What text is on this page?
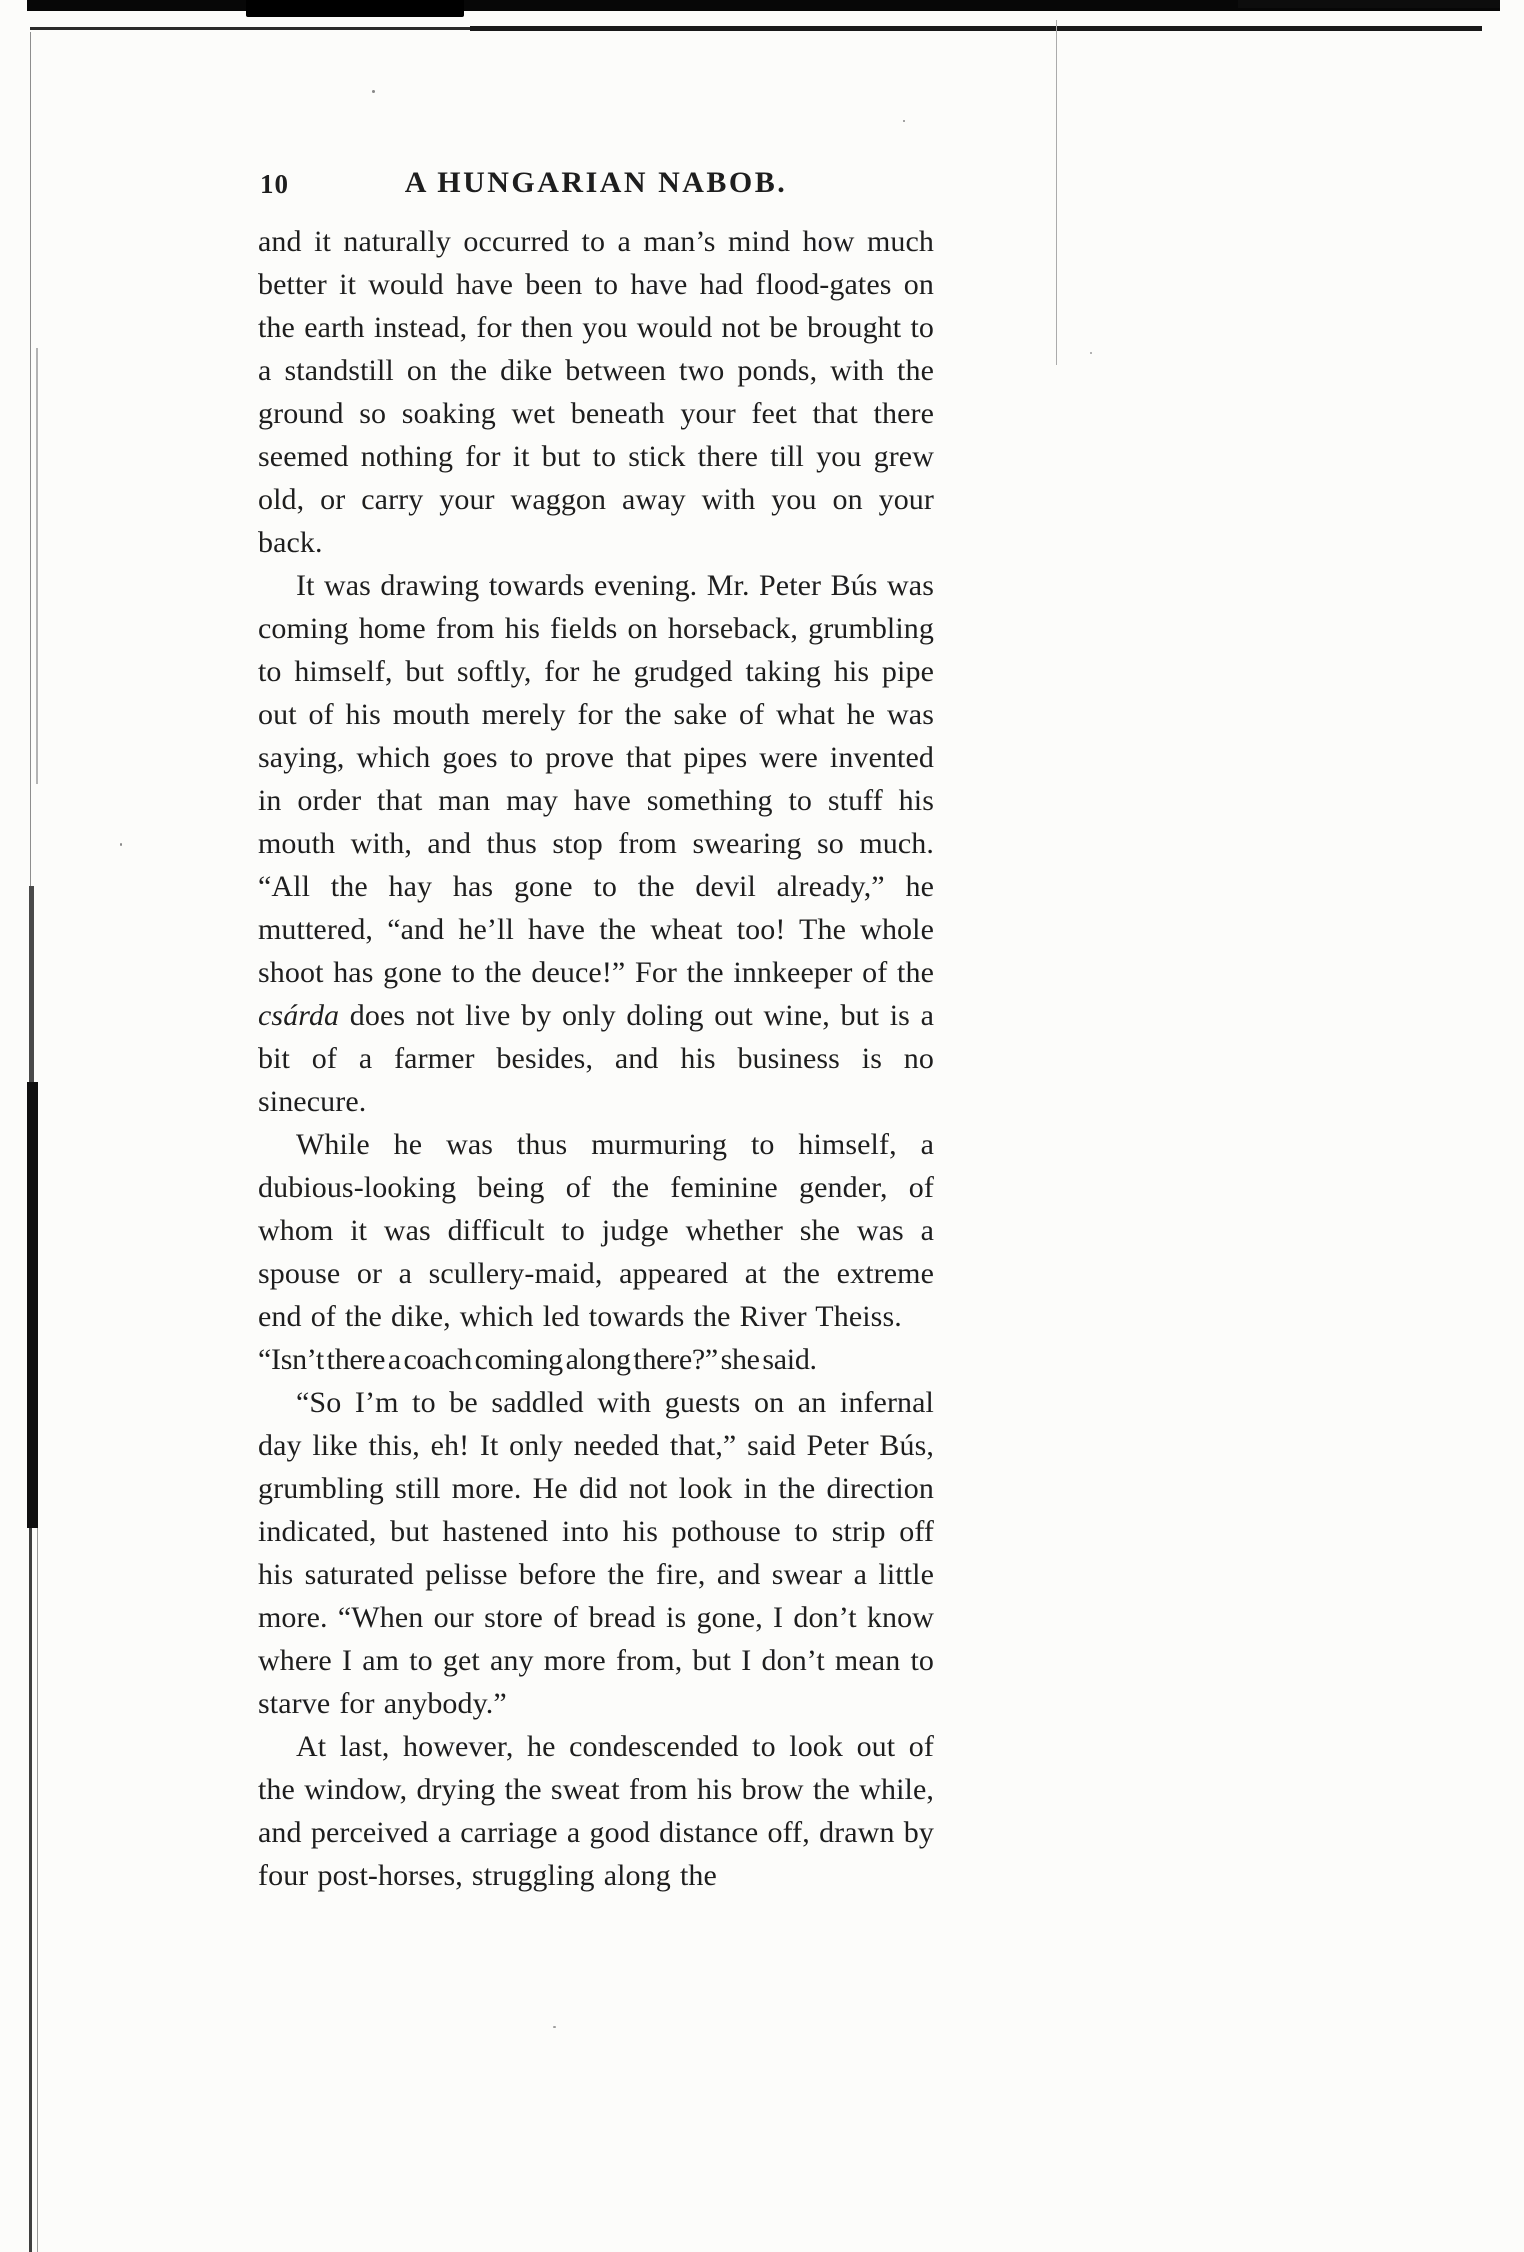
10	A HUNGARIAN NABOB.

and it naturally occurred to a man’s mind how much better it would have been to have had flood-gates on the earth instead, for then you would not be brought to a standstill on the dike between two ponds, with the ground so soaking wet beneath your feet that there seemed nothing for it but to stick there till you grew old, or carry your waggon away with you on your back.

It was drawing towards evening. Mr. Peter Bús was coming home from his fields on horseback, grumbling to himself, but softly, for he grudged taking his pipe out of his mouth merely for the sake of what he was saying, which goes to prove that pipes were invented in order that man may have something to stuff his mouth with, and thus stop from swearing so much. “All the hay has gone to the devil already,” he muttered, “and he’ll have the wheat too! The whole shoot has gone to the deuce!” For the innkeeper of the csárda does not live by only doling out wine, but is a bit of a farmer besides, and his business is no sinecure.

While he was thus murmuring to himself, a dubious-looking being of the feminine gender, of whom it was difficult to judge whether she was a spouse or a scullery-maid, appeared at the extreme end of the dike, which led towards the River Theiss.

“Isn’t there a coach coming along there?” she said.

“So I’m to be saddled with guests on an infernal day like this, eh! It only needed that,” said Peter Bús, grumbling still more. He did not look in the direction indicated, but hastened into his pothouse to strip off his saturated pelisse before the fire, and swear a little more. “When our store of bread is gone, I don’t know where I am to get any more from, but I don’t mean to starve for anybody.”

At last, however, he condescended to look out of the window, drying the sweat from his brow the while, and perceived a carriage a good distance off, drawn by four post-horses, struggling along the
